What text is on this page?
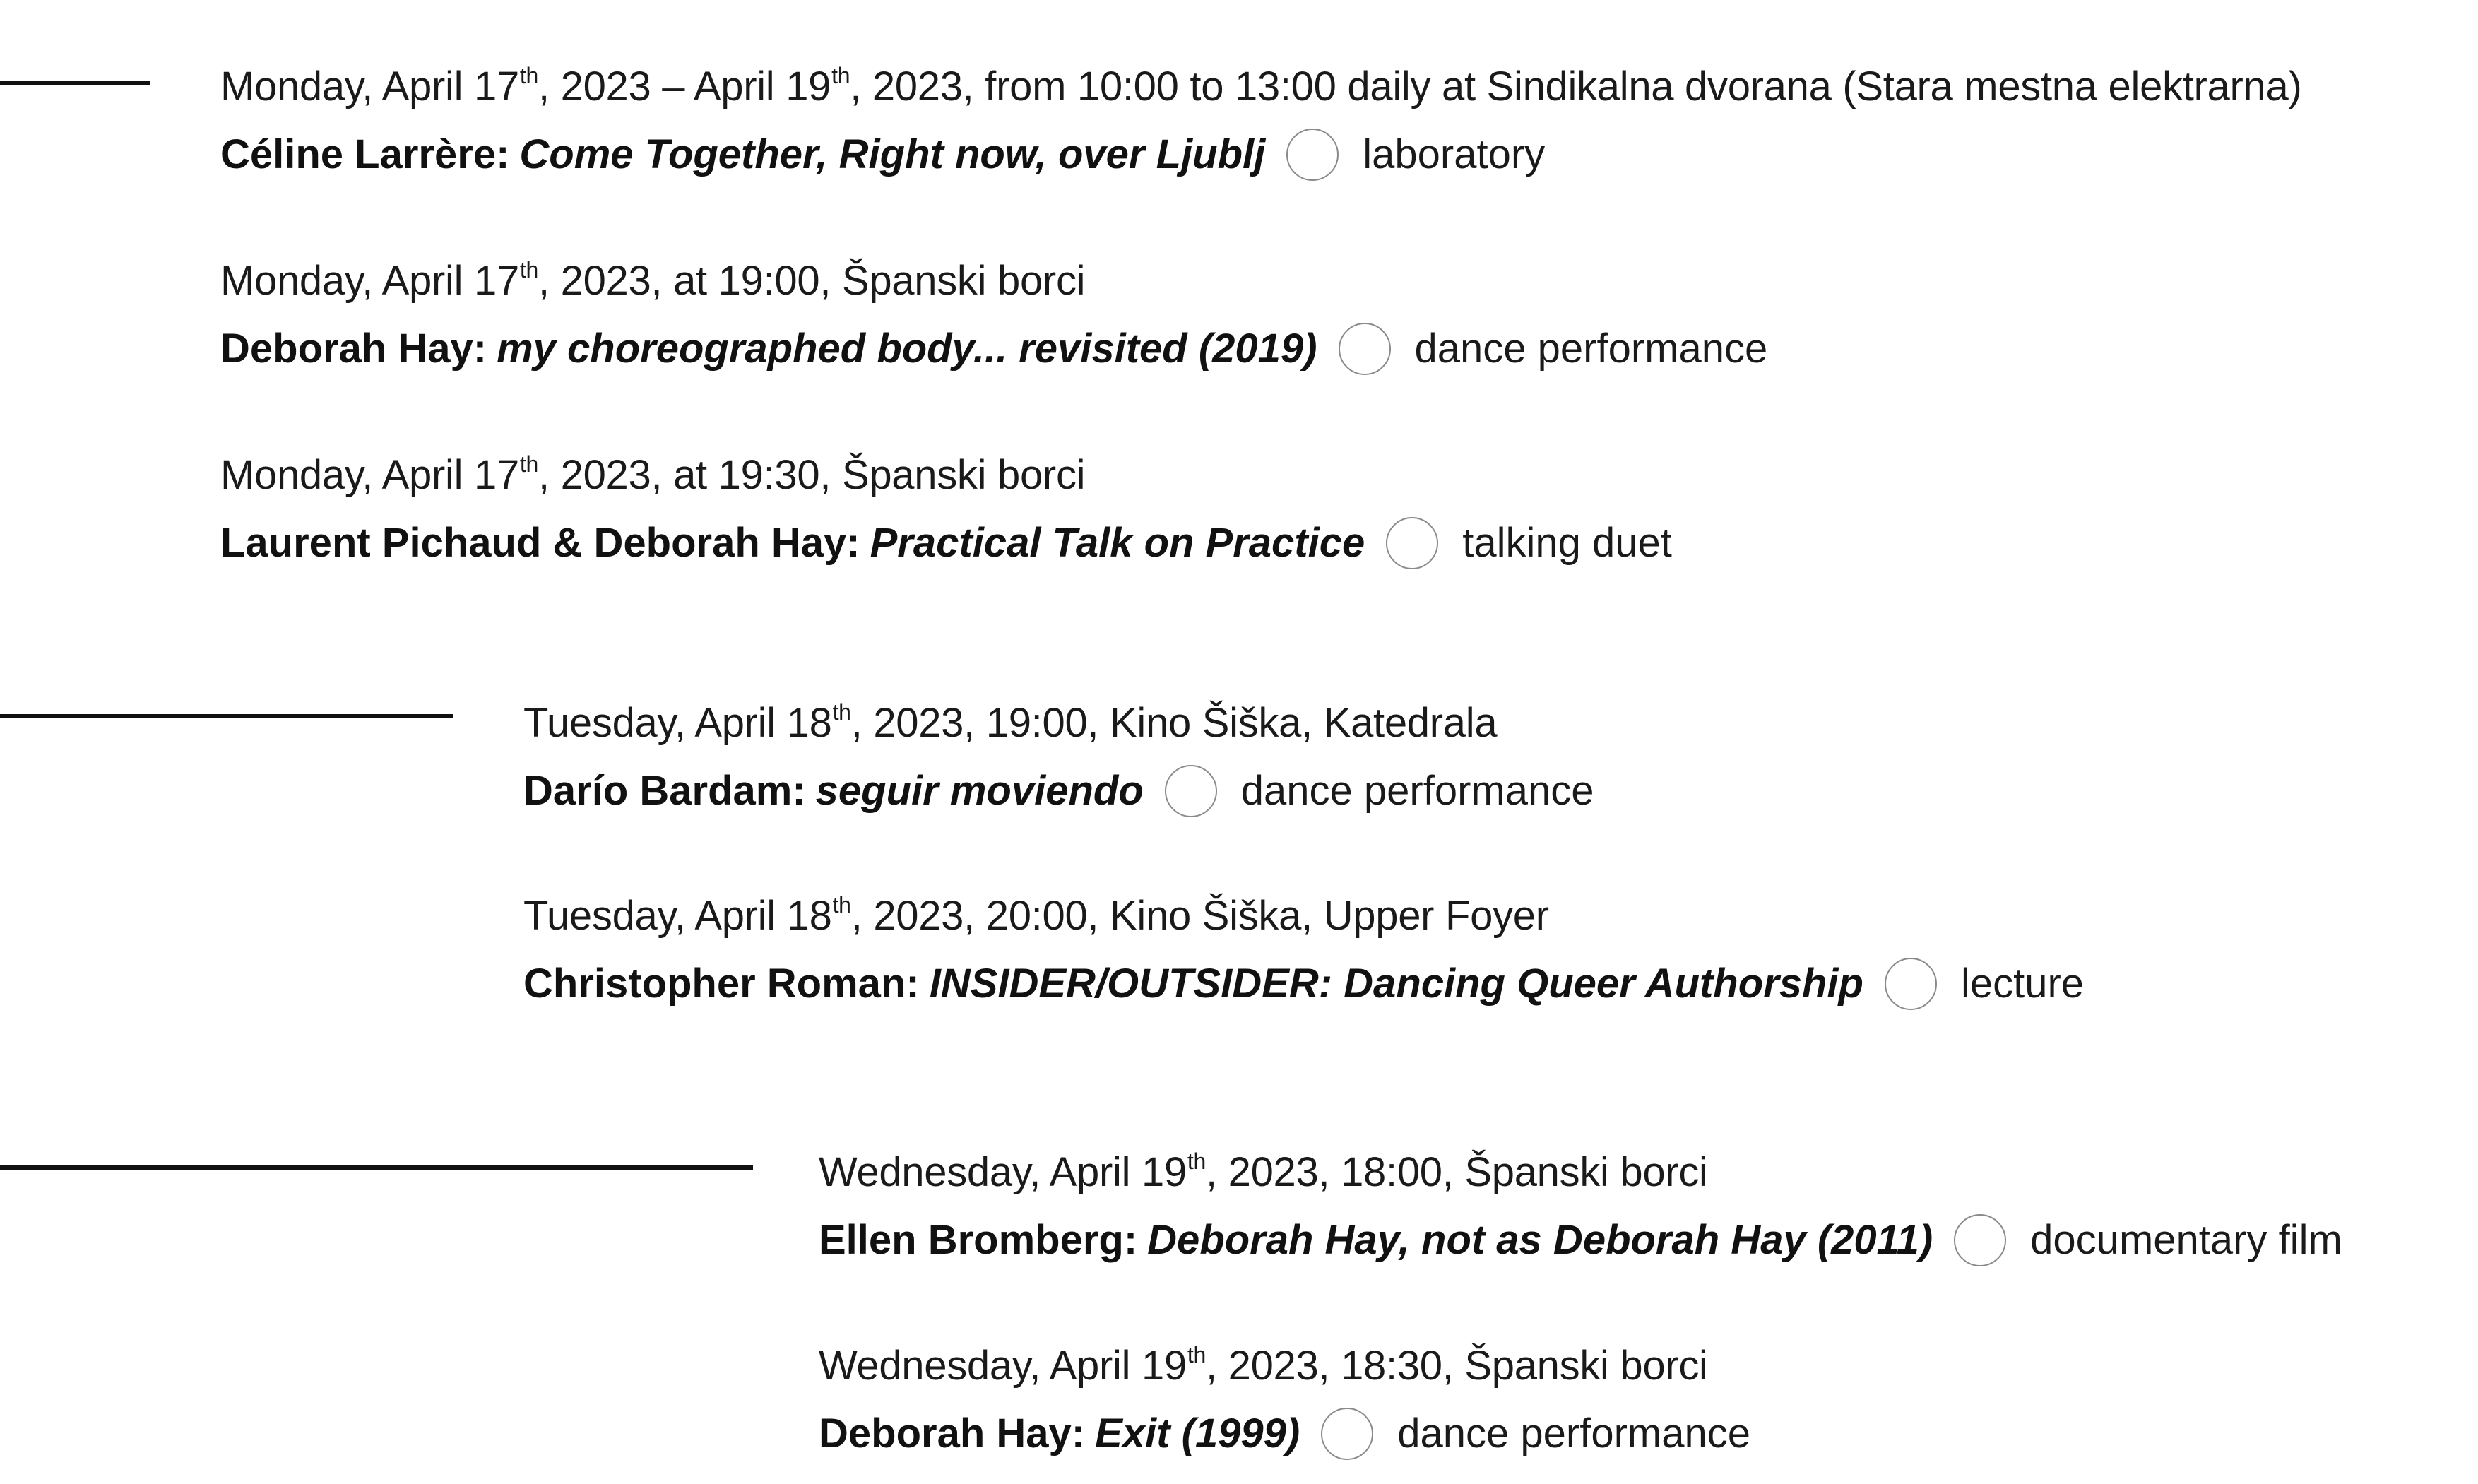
Monday, April 17th, 2023 – April 19th, 2023, from 10:00 to 13:00 daily at Sindikalna dvorana (Stara mestna elektrarna)
Céline Larrère: Come Together, Right now, over Ljublj laboratory
Monday, April 17th, 2023, at 19:00, Španski borci
Deborah Hay: my choreographed body... revisited (2019) dance performance
Monday, April 17th, 2023, at 19:30, Španski borci
Laurent Pichaud & Deborah Hay: Practical Talk on Practice talking duet
Tuesday, April 18th, 2023, 19:00, Kino Šiška, Katedrala
Darío Bardam: seguir moviendo dance performance
Tuesday, April 18th, 2023, 20:00, Kino Šiška, Upper Foyer
Christopher Roman: INSIDER/OUTSIDER: Dancing Queer Authorship lecture
Wednesday, April 19th, 2023, 18:00, Španski borci
Ellen Bromberg: Deborah Hay, not as Deborah Hay (2011) documentary film
Wednesday, April 19th, 2023, 18:30, Španski borci
Deborah Hay: Exit (1999) dance performance
